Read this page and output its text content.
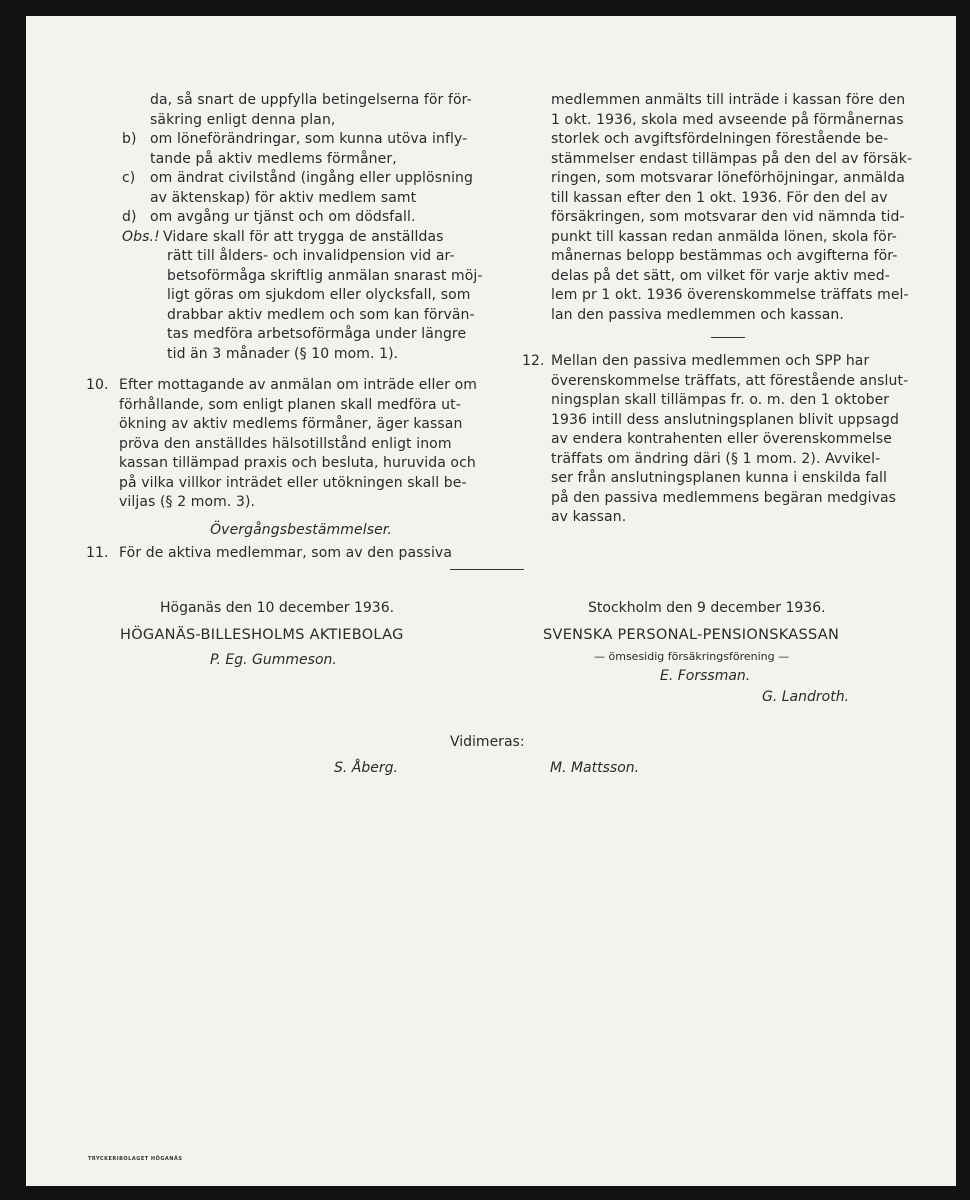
da, så snart de uppfylla betingelserna för för-
säkring enligt denna plan,
b) om löneförändringar, som kunna utöva infly-
tande på aktiv medlems förmåner,
c) om ändrat civilstånd (ingång eller upplösning
av äktenskap) för aktiv medlem samt
d) om avgång ur tjänst och om dödsfall.
Obs.! Vidare skall för att trygga de anställdas
rätt till ålders- och invalidpension vid ar-
betsoförmåga skriftlig anmälan snarast möj-
ligt göras om sjukdom eller olycksfall, som
drabbar aktiv medlem och som kan förvän-
tas medföra arbetsoförmåga under längre
tid än 3 månader (§ 10 mom. 1).
10. Efter mottagande av anmälan om inträde eller om
förhållande, som enligt planen skall medföra ut-
ökning av aktiv medlems förmåner, äger kassan
pröva den anställdes hälsotillstånd enligt inom
kassan tillämpad praxis och besluta, huruvida och
på vilka villkor inträdet eller utökningen skall be-
viljas (§ 2 mom. 3).
Övergångsbestämmelser.
11. För de aktiva medlemmar, som av den passiva
medlemmen anmälts till inträde i kassan före den
1 okt. 1936, skola med avseende på förmånernas
storlek och avgiftsfördelningen förestående be-
stämmelser endast tillämpas på den del av försäk-
ringen, som motsvarar löneförhöjningar, anmälda
till kassan efter den 1 okt. 1936. För den del av
försäkringen, som motsvarar den vid nämnda tid-
punkt till kassan redan anmälda lönen, skola för-
månernas belopp bestämmas och avgifterna för-
delas på det sätt, om vilket för varje aktiv med-
lem pr 1 okt. 1936 överenskommelse träffats mel-
lan den passiva medlemmen och kassan.
12. Mellan den passiva medlemmen och SPP har
överenskommelse träffats, att förestående anslut-
ningsplan skall tillämpas fr. o. m. den 1 oktober
1936 intill dess anslutningsplanen blivit uppsagd
av endera kontrahenten eller överenskommelse
träffats om ändring däri (§ 1 mom. 2). Avvikel-
ser från anslutningsplanen kunna i enskilda fall
på den passiva medlemmens begäran medgivas
av kassan.
Höganäs den 10 december 1936.
HÖGANÄS-BILLESHOLMS AKTIEBOLAG
P. Eg. Gummeson.
Stockholm den 9 december 1936.
SVENSKA PERSONAL-PENSIONSKASSAN
— ömsesidig försäkringsförening —
E. Forssman.
G. Landroth.
Vidimeras:
S. Åberg.	M. Mattsson.
TRYCKERIBOLAGET HÖGANÄS
